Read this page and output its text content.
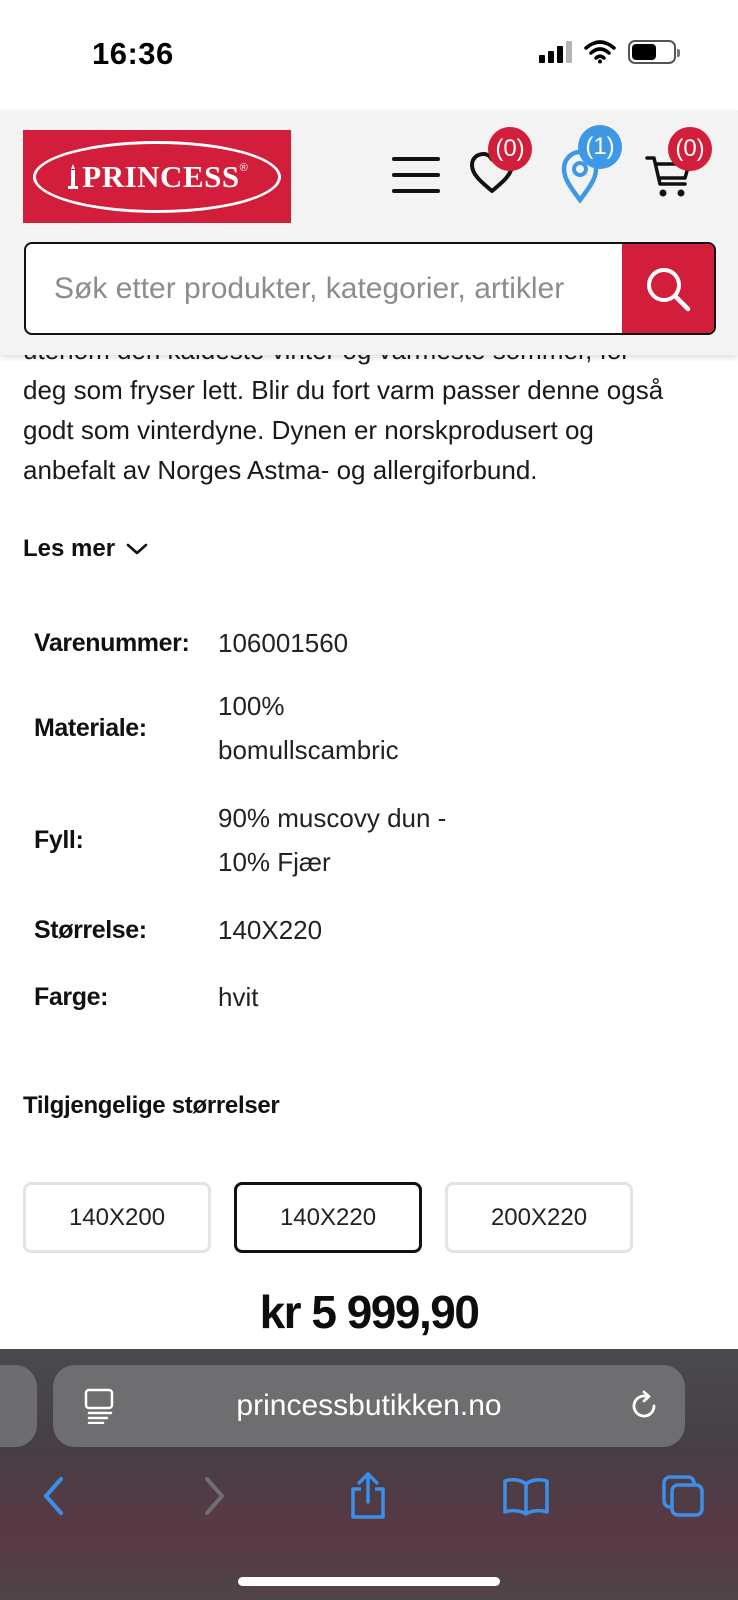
16:36
deg som fryser lett. Blir du fort varm passer denne også
godt som vinterdyne. Dynen er norskprodusert og
anbefalt av Norges Astma- og allergiforbund.
Les mer
Varenummer:	106001560
Materiale:
100% bomullscambric
Fyll:
90% muscovy dun - 10% Fjær
Størrelse:	140X220
Farge:	hvit
Tilgjengelige størrelser
140X200	140X220	200X220
kr 5 999,90
PRINCESS ®
(0)	(1)	(0)
Søk etter produkter, kategorier, artikler
princessbutikken.no
